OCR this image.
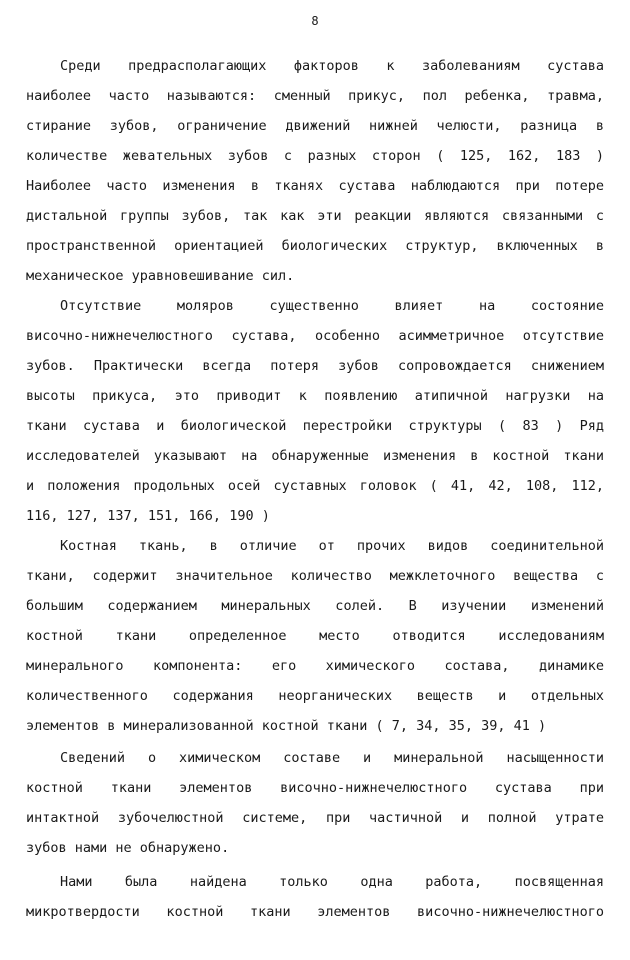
8
Среди предрасполагающих факторов к заболеваниям сустава
наиболее часто называются: сменный прикус, пол ребенка, травма,
стирание зубов, ограничение движений нижней челюсти, разница в
количестве жевательных зубов с разных сторон ( 125, 162, 183 )
Наиболее часто изменения в тканях сустава наблюдаются при потере
дистальной группы зубов, так как эти реакции являются связанными с
пространственной ориентацией биологических структур, включенных в
механическое уравновешивание сил.
Отсутствие моляров существенно влияет на состояние
височно-нижнечелюстного сустава, особенно асимметричное отсутствие
зубов. Практически всегда потеря зубов сопровождается снижением
высоты прикуса, это приводит к появлению атипичной нагрузки на
ткани сустава и биологической перестройки структуры ( 83 ) Ряд
исследователей указывают на обнаруженные изменения в костной ткани
и положения продольных осей суставных головок ( 41, 42, 108, 112,
116, 127, 137, 151, 166, 190 )
Костная ткань, в отличие от прочих видов соединительной
ткани, содержит значительное количество межклеточного вещества с
большим содержанием минеральных солей. В изучении изменений
костной ткани определенное место отводится исследованиям
минерального компонента: его химического состава, динамике
количественного содержания неорганических веществ и отдельных
элементов в минерализованной костной ткани ( 7, 34, 35, 39, 41 )
Сведений о химическом составе и минеральной насыщенности
костной ткани элементов височно-нижнечелюстного сустава при
интактной зубочелюстной системе, при частичной и полной утрате
зубов нами не обнаружено.
Нами была найдена только одна работа, посвященная
микротвердости костной ткани элементов височно-нижнечелюстного
